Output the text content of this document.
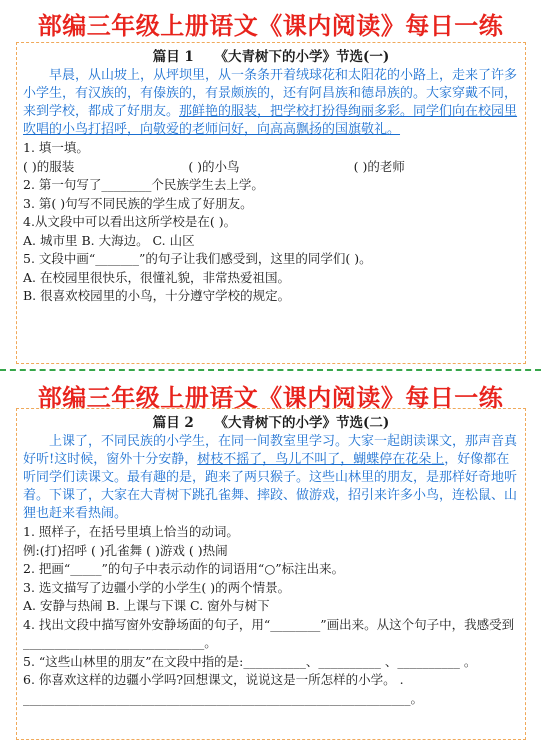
部编三年级上册语文《课内阅读》每日一练
篇目 1 《大青树下的小学》节选(一)
早晨，从山坡上，从坪坝里，从一条条开着绒球花和太阳花的小路上，走来了许多小学生，有汉族的，有傣族的，有景颇族的，还有阿昌族和德昂族的。大家穿戴不同，来到学校，都成了好朋友。那鲜艳的服装，把学校打扮得绚丽多彩。同学们向在校园里吹唱的小鸟打招呼，向敬爱的老师问好，向高高飘扬的国旗敬礼。
1. 填一填。
( )的服装	( )的小鸟	( )的老师
2. 第一句写了________个民族学生去上学。
3. 第( )句写不同民族的学生成了好朋友。
4.从文段中可以看出这所学校是在( )。
A. 城市里 B. 大海边。 C. 山区
5. 文段中画“_______”的句子让我们感受到，这里的同学们( )。
A. 在校园里很快乐，很懂礼貌，非常热爱祖国。
B. 很喜欢校园里的小鸟，十分遵守学校的规定。
部编三年级上册语文《课内阅读》每日一练
篇目 2 《大青树下的小学》节选(二)
上课了，不同民族的小学生，在同一间教室里学习。大家一起朗读课文，那声音真好听!这时候，窗外十分安静，树枝不摇了，鸟儿不叫了，蝴蝶停在花朵上，好像都在听同学们读课文。最有趣的是，跑来了两只猴子。这些山林里的朋友，是那样好奇地听着。下课了，大家在大青树下跳孔雀舞、摔跤、做游戏，招引来许多小鸟，连松鼠、山狸也赶来看热闹。
1. 照样子，在括号里填上恰当的动词。
例:(打)招呼 ( )孔雀舞 ( )游戏 ( )热闹
2. 把画“_____”的句子中表示动作的词语用“○”标注出来。
3. 选文描写了边疆小学的小学生( )的两个情景。
A. 安静与热闹 B. 上课与下课 C. 窗外与树下
4. 找出文段中描写窗外安静场面的句子，用“________”画出来。从这个句子中，我感受到_____________________________。
5. “这些山林里的朋友”在文段中指的是:__________、__________ 、__________ 。
6. 你喜欢这样的边疆小学吗?回想课文，说说这是一所怎样的小学。 .
______________________________________________________________。
